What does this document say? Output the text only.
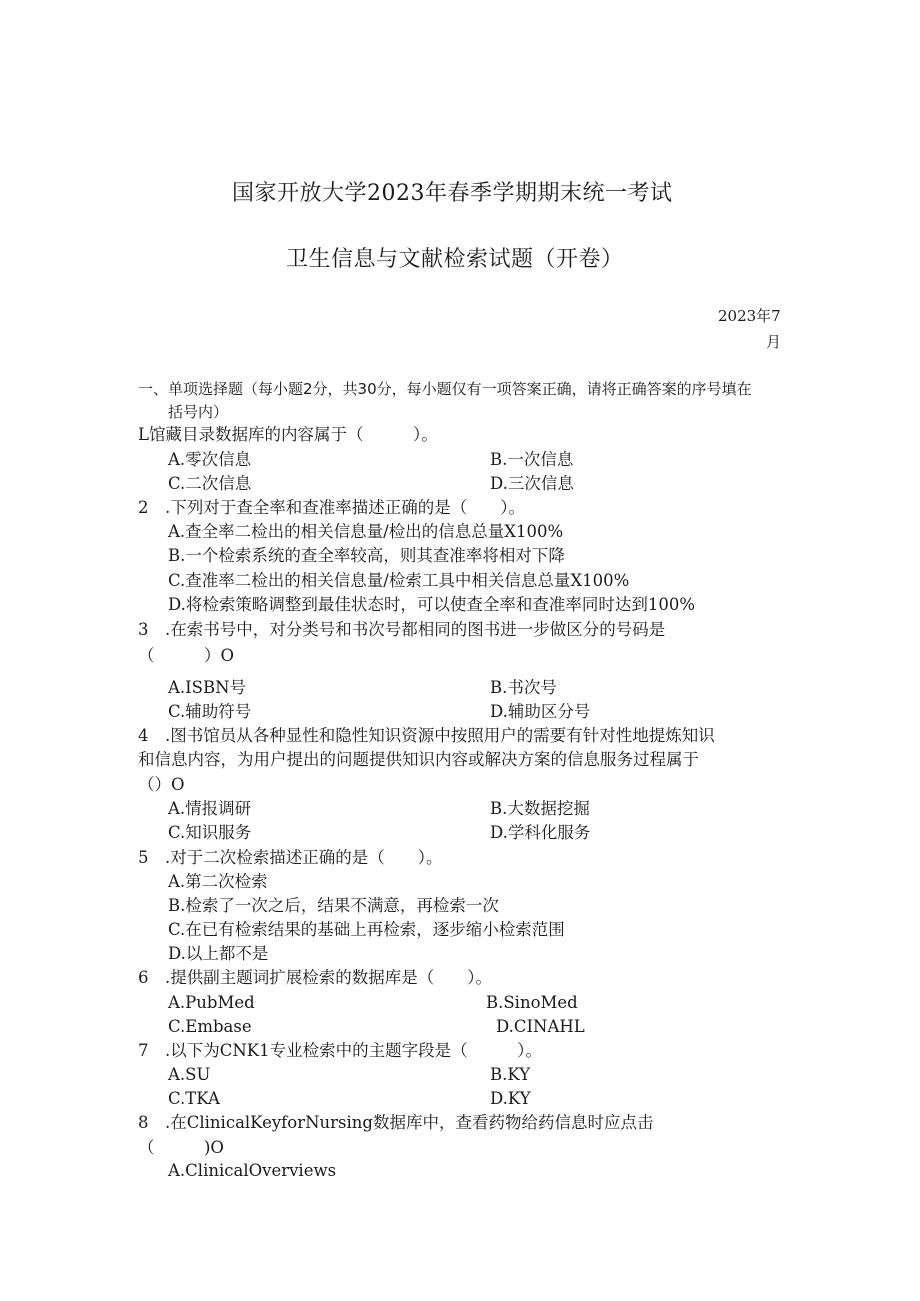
国家开放大学2023年春季学期期末统一考试
卫生信息与文献检索试题（开卷）
2023年7
月
一、单项选择题（每小题2分，共30分，每小题仅有一项答案正确，请将正确答案的序号填在
括号内）
L馆藏目录数据库的内容属于（　　　）。
A.零次信息	B.一次信息
C.二次信息	D.三次信息
2　.下列对于查全率和查准率描述正确的是（　　）。
A.查全率二检出的相关信息量/检出的信息总量X100%
B.一个检索系统的查全率较高，则其查准率将相对下降
C.查准率二检出的相关信息量/检索工具中相关信息总量X100%
D.将检索策略调整到最佳状态时，可以使查全率和查准率同时达到100%
3　.在索书号中，对分类号和书次号都相同的图书进一步做区分的号码是
（　　　）O
A.ISBN号	B.书次号
C.辅助符号	D.辅助区分号
4　.图书馆员从各种显性和隐性知识资源中按照用户的需要有针对性地提炼知识
和信息内容，为用户提出的问题提供知识内容或解决方案的信息服务过程属于
（）O
A.情报调研	B.大数据挖掘
C.知识服务	D.学科化服务
5　.对于二次检索描述正确的是（　　）。
A.第二次检索
B.检索了一次之后，结果不满意，再检索一次
C.在已有检索结果的基础上再检索，逐步缩小检索范围
D.以上都不是
6　.提供副主题词扩展检索的数据库是（　　）。
A.PubMed	B.SinoMed
C.Embase	D.CINAHL
7　.以下为CNK1专业检索中的主题字段是（　　　）。
A.SU	B.KY
C.TKA	D.KY
8　.在ClinicalKeyforNursing数据库中，查看药物给药信息时应点击
（　　　)O
A.ClinicalOverviews
